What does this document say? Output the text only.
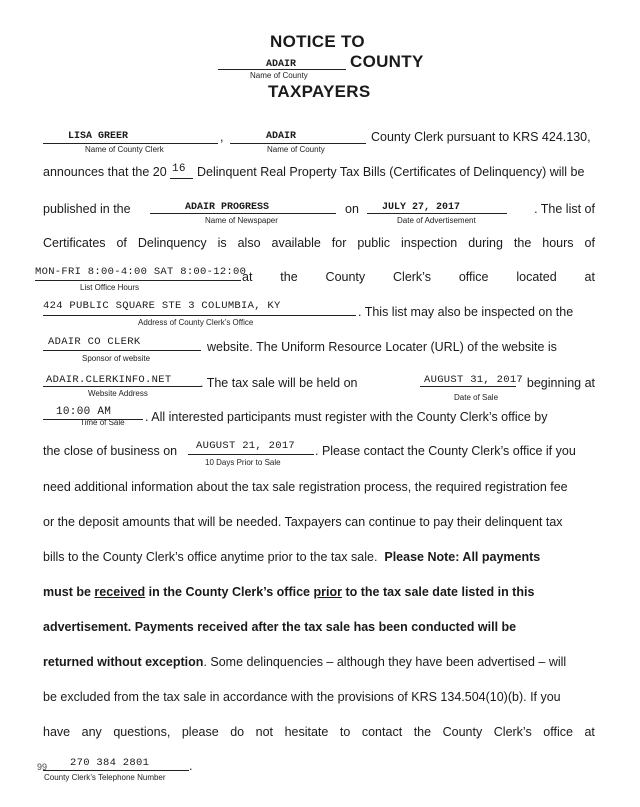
NOTICE TO
ADAIR	COUNTY
Name of County
TAXPAYERS
LISA GREER
Name of County Clerk
,	ADAIR
Name of County
County Clerk pursuant to KRS 424.130,
announces that the 20 16 Delinquent Real Property Tax Bills (Certificates of Delinquency) will be
published in the	ADAIR PROGRESS
Name of Newspaper
on JULY 27, 2017
Date of Advertisement
. The list of
Certificates of Delinquency is also available for public inspection during the hours of
MON-FRI 8:00-4:00 SAT 8:00-12:00
List Office Hours
at the County Clerk’s office located at
424 PUBLIC SQUARE STE 3 COLUMBIA, KY
Address of County Clerk’s Office
. This list may also be inspected on the
ADAIR CO CLERK
Sponsor of website
website. The Uniform Resource Locater (URL) of the website is
ADAIR.CLERKINFO.NET
Website Address
. The tax sale will be held on	AUGUST 31, 2017
Date of Sale
beginning at
10:00 AM
Time of Sale . All interested participants must register with the County Clerk’s office by
the close of business on AUGUST 21, 2017
10 Days Prior to Sale
. Please contact the County Clerk’s office if you
need additional information about the tax sale registration process, the required registration fee
or the deposit amounts that will be needed. Taxpayers can continue to pay their delinquent tax
bills to the County Clerk’s office anytime prior to the tax sale. Please Note: All payments
must be received in the County Clerk’s office prior to the tax sale date listed in this
advertisement. Payments received after the tax sale has been conducted will be
returned without exception. Some delinquencies – although they have been advertised – will
be excluded from the tax sale in accordance with the provisions of KRS 134.504(10)(b). If you
have any questions, please do not hesitate to contact the County Clerk’s office at
99 270 384 2801
County Clerk’s Telephone Number
.
